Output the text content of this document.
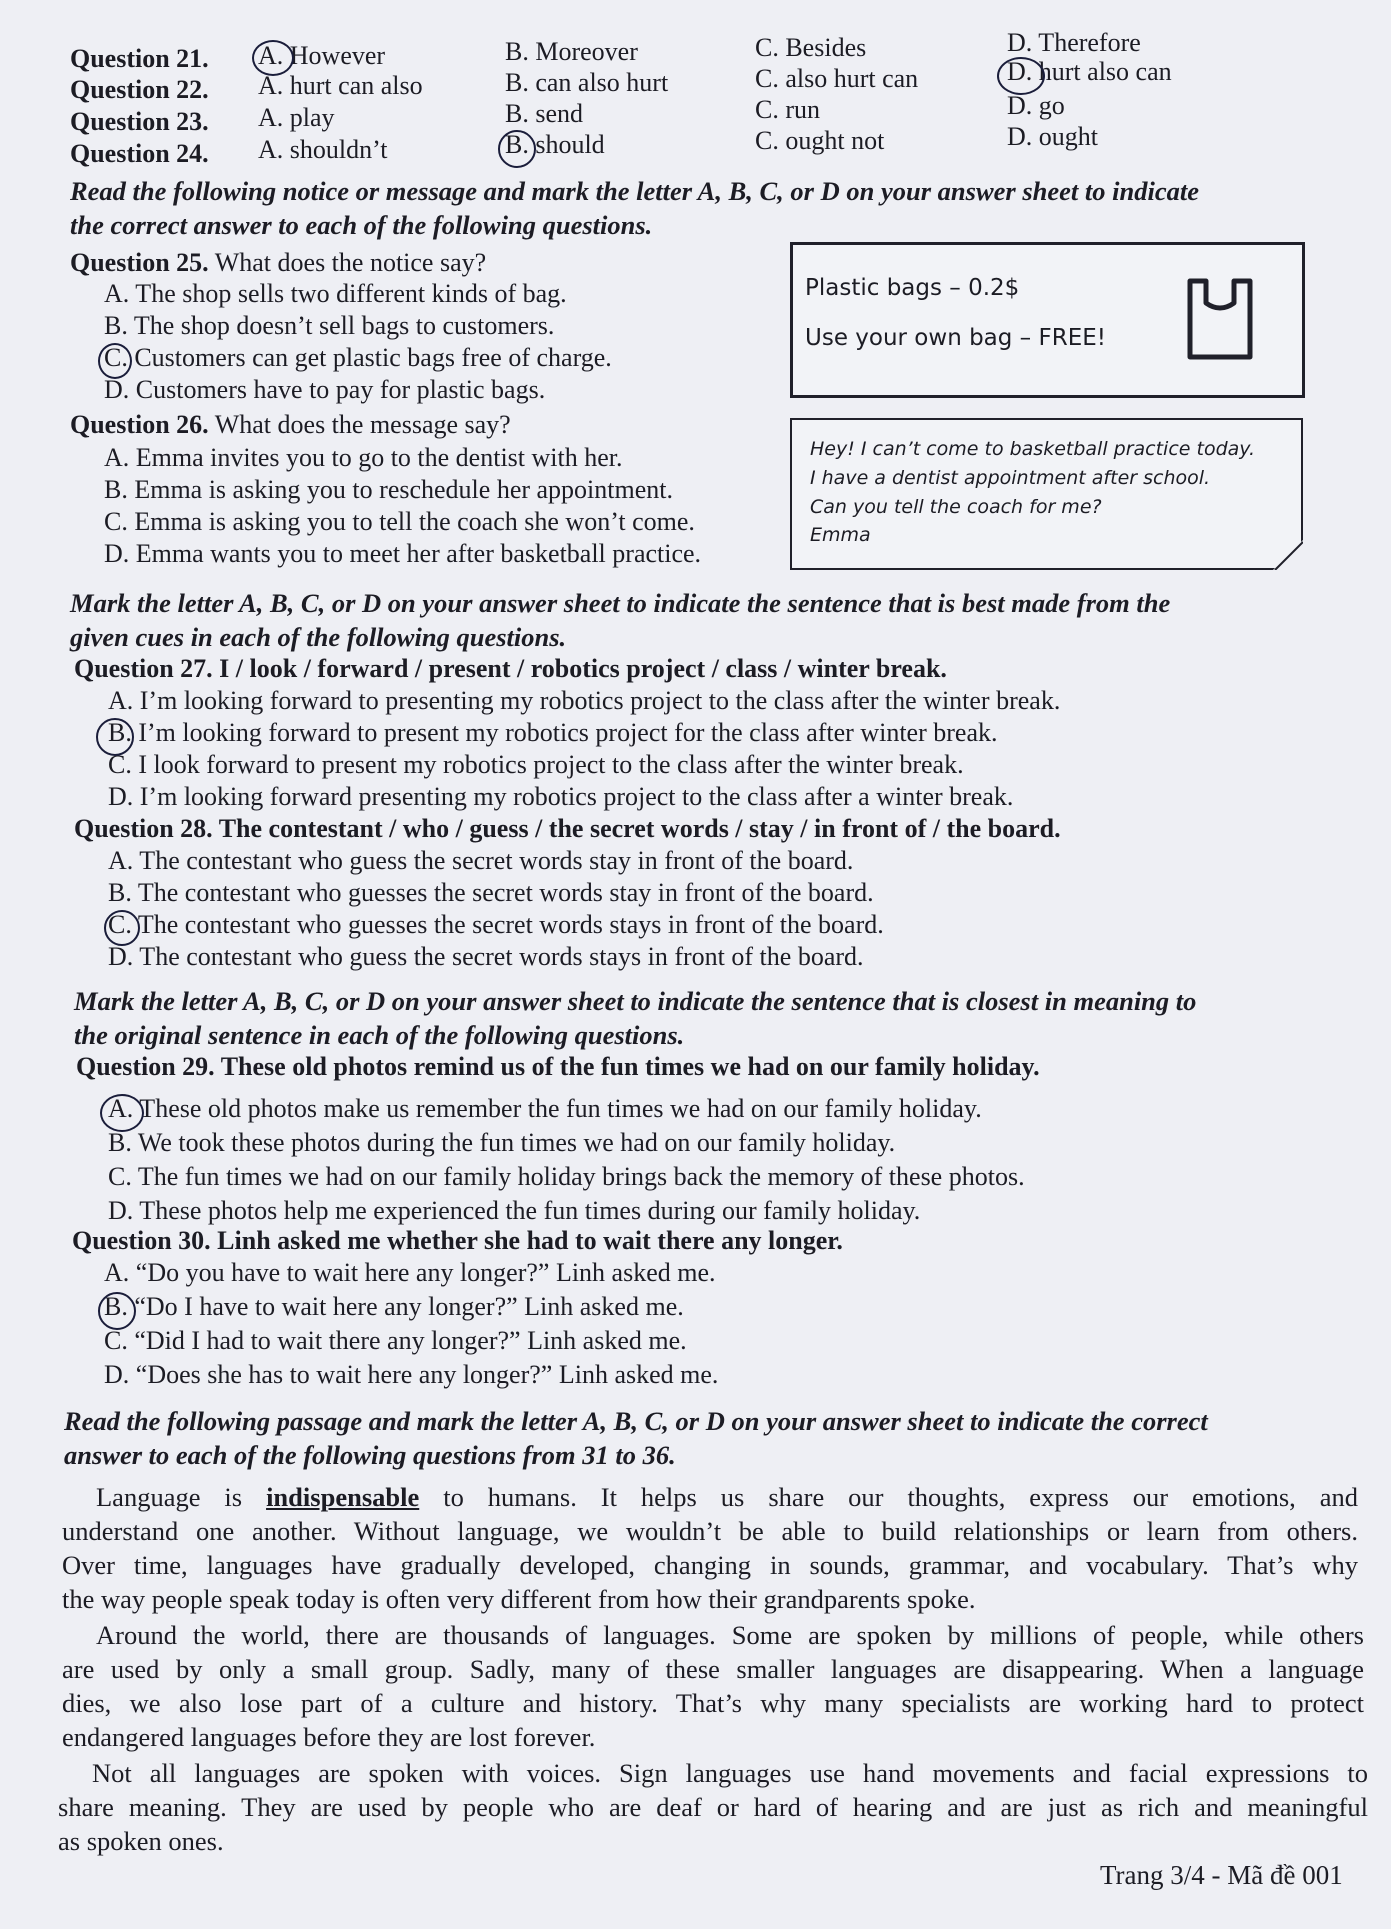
Question 21. A. However	B. Moreover	C. Besides	D. Therefore
Question 22. A. hurt can also	B. can also hurt	C. also hurt can	D. hurt also can
Question 23. A. play	B. send	C. run	D. go
Question 24. A. shouldn’t	B. should	C. ought not	D. ought
Read the following notice or message and mark the letter A, B, C, or D on your answer sheet to indicate
the correct answer to each of the following questions.
Question 25. What does the notice say?
A. The shop sells two different kinds of bag.
B. The shop doesn’t sell bags to customers.
C. Customers can get plastic bags free of charge.
D. Customers have to pay for plastic bags.
Plastic bags – 0.2$
Use your own bag – FREE!
Question 26. What does the message say?
A. Emma invites you to go to the dentist with her.
B. Emma is asking you to reschedule her appointment.
C. Emma is asking you to tell the coach she won’t come.
D. Emma wants you to meet her after basketball practice.
Hey! I can’t come to basketball practice today.
I have a dentist appointment after school.
Can you tell the coach for me?
Emma
Mark the letter A, B, C, or D on your answer sheet to indicate the sentence that is best made from the
given cues in each of the following questions.
Question 27. I / look / forward / present / robotics project / class / winter break.
A. I’m looking forward to presenting my robotics project to the class after the winter break.
B. I’m looking forward to present my robotics project for the class after winter break.
C. I look forward to present my robotics project to the class after the winter break.
D. I’m looking forward presenting my robotics project to the class after a winter break.
Question 28. The contestant / who / guess / the secret words / stay / in front of / the board.
A. The contestant who guess the secret words stay in front of the board.
B. The contestant who guesses the secret words stay in front of the board.
C. The contestant who guesses the secret words stays in front of the board.
D. The contestant who guess the secret words stays in front of the board.
Mark the letter A, B, C, or D on your answer sheet to indicate the sentence that is closest in meaning to
the original sentence in each of the following questions.
Question 29. These old photos remind us of the fun times we had on our family holiday.
A. These old photos make us remember the fun times we had on our family holiday.
B. We took these photos during the fun times we had on our family holiday.
C. The fun times we had on our family holiday brings back the memory of these photos.
D. These photos help me experienced the fun times during our family holiday.
Question 30. Linh asked me whether she had to wait there any longer.
A. “Do you have to wait here any longer?” Linh asked me.
B. “Do I have to wait here any longer?” Linh asked me.
C. “Did I had to wait there any longer?” Linh asked me.
D. “Does she has to wait here any longer?” Linh asked me.
Read the following passage and mark the letter A, B, C, or D on your answer sheet to indicate the correct
answer to each of the following questions from 31 to 36.
Language is indispensable to humans. It helps us share our thoughts, express our emotions, and
understand one another. Without language, we wouldn’t be able to build relationships or learn from others.
Over time, languages have gradually developed, changing in sounds, grammar, and vocabulary. That’s why
the way people speak today is often very different from how their grandparents spoke.
Around the world, there are thousands of languages. Some are spoken by millions of people, while others
are used by only a small group. Sadly, many of these smaller languages are disappearing. When a language
dies, we also lose part of a culture and history. That’s why many specialists are working hard to protect
endangered languages before they are lost forever.
Not all languages are spoken with voices. Sign languages use hand movements and facial expressions to
share meaning. They are used by people who are deaf or hard of hearing and are just as rich and meaningful
as spoken ones.
Trang 3/4 - Mã đề 001
